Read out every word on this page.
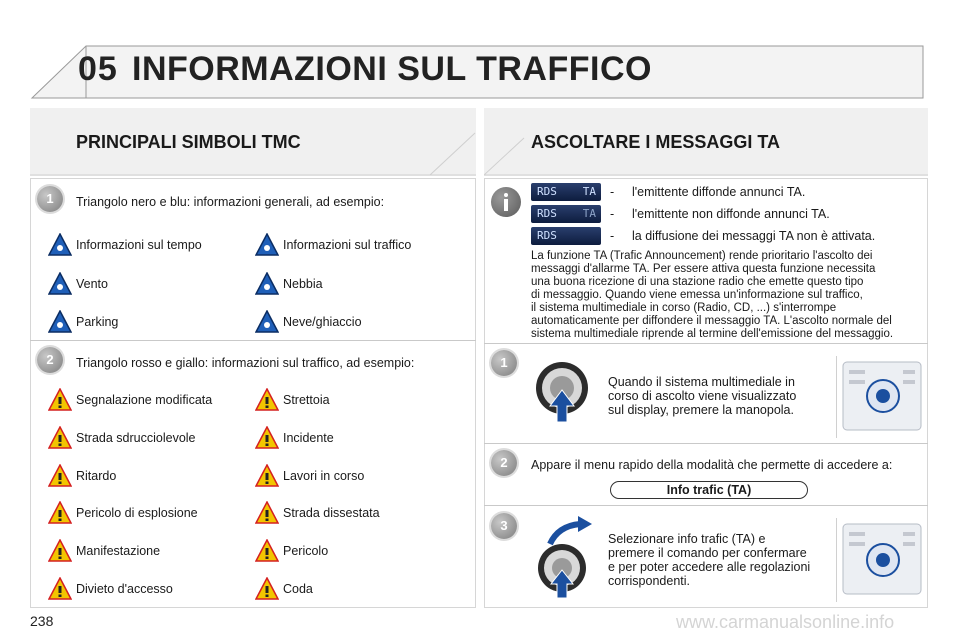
05 INFORMAZIONI SUL TRAFFICO
PRINCIPALI SIMBOLI TMC
1	Triangolo nero e blu: informazioni generali, ad esempio:
Informazioni sul tempo	Informazioni sul traffico
Vento	Nebbia
Parking	Neve/ghiaccio
2	Triangolo rosso e giallo: informazioni sul traffico, ad esempio:
Segnalazione modificata	Strettoia
Strada sdrucciolevole	Incidente
Ritardo	Lavori in corso
Pericolo di esplosione	Strada dissestata
Manifestazione	Pericolo
Divieto d'accesso	Coda
ASCOLTARE I MESSAGGI TA
RDS TA - l'emittente diffonde annunci TA.
RDS TA - l'emittente non diffonde annunci TA.
RDS	- la diffusione dei messaggi TA non è attivata.
La funzione TA (Trafic Announcement) rende prioritario l'ascolto dei
messaggi d'allarme TA. Per essere attiva questa funzione necessita
una buona ricezione di una stazione radio che emette questo tipo
di messaggio. Quando viene emessa un'informazione sul traffico,
il sistema multimediale in corso (Radio, CD, ...) s'interrompe
automaticamente per diffondere il messaggio TA. L'ascolto normale del
sistema multimediale riprende al termine dell'emissione del messaggio.
1
Quando il sistema multimediale in
corso di ascolto viene visualizzato
sul display, premere la manopola.
2	Appare il menu rapido della modalità che permette di accedere a:
Info trafic (TA)
3
Selezionare info trafic (TA) e
premere il comando per confermare
e per poter accedere alle regolazioni
corrispondenti.
238	www.carmanualsonline.info
